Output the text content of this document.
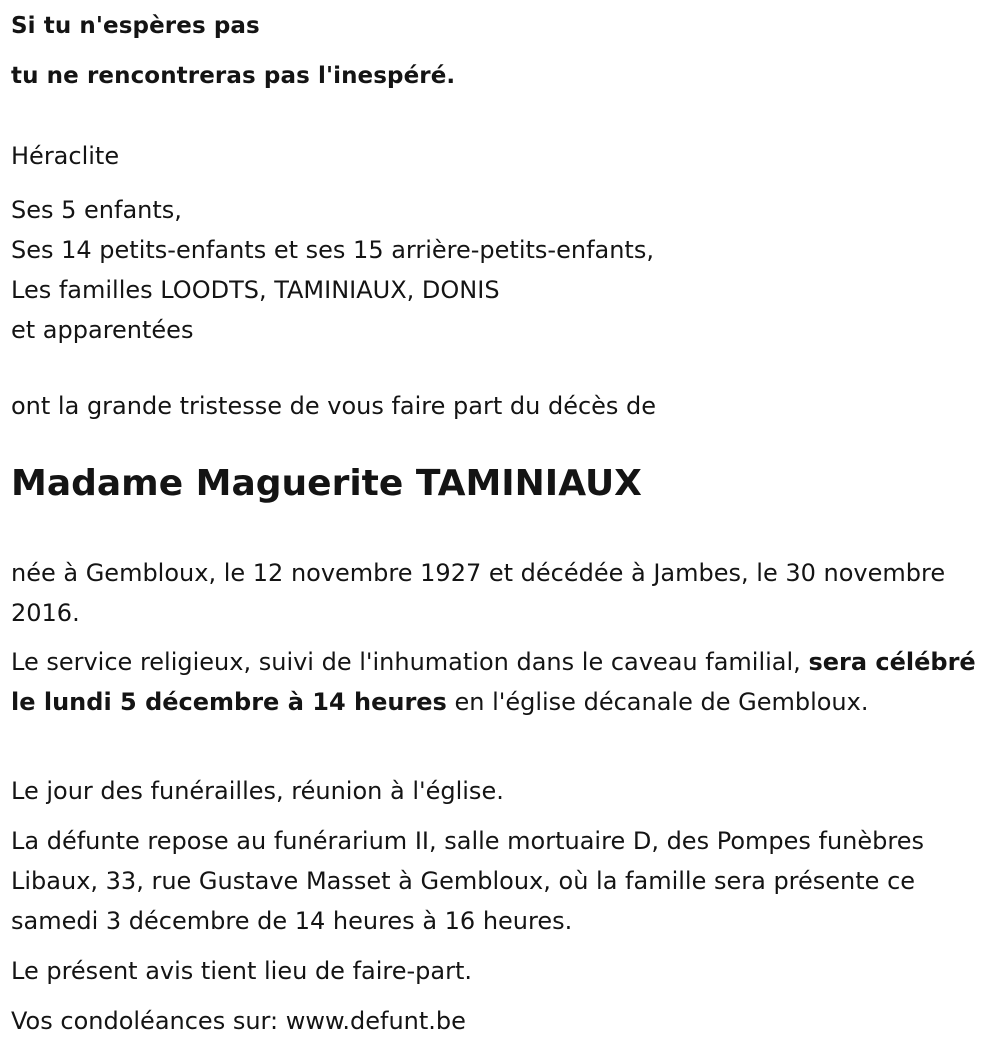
Si tu n'espères pas

tu ne rencontreras pas l'inespéré.

Héraclite

Ses 5 enfants,
Ses 14 petits-enfants et ses 15 arrière-petits-enfants,
Les familles LOODTS, TAMINIAUX, DONIS
et apparentées

ont la grande tristesse de vous faire part du décès de

Madame Maguerite TAMINIAUX

née à Gembloux, le 12 novembre 1927 et décédée à Jambes, le 30 novembre 2016.

Le service religieux, suivi de l'inhumation dans le caveau familial, sera célébré le lundi 5 décembre à 14 heures en l'église décanale de Gembloux.

Le jour des funérailles, réunion à l'église.

La défunte repose au funérarium II, salle mortuaire D, des Pompes funèbres Libaux, 33, rue Gustave Masset à Gembloux, où la famille sera présente ce samedi 3 décembre de 14 heures à 16 heures.

Le présent avis tient lieu de faire-part.

Vos condoléances sur: www.defunt.be
